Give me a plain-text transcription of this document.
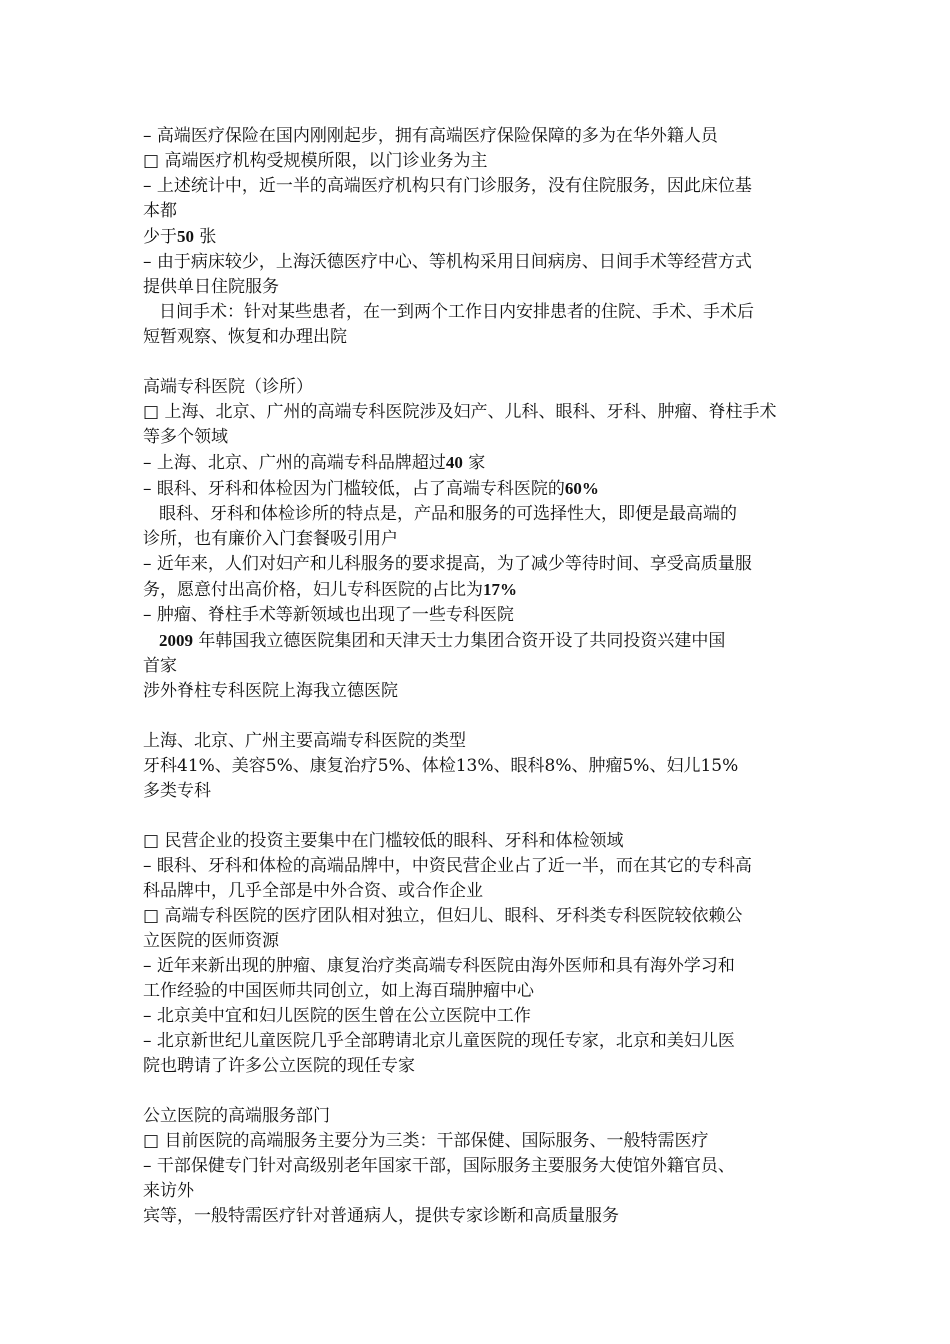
– 高端医疗保险在国内刚刚起步，拥有高端医疗保险保障的多为在华外籍人员
□ 高端医疗机构受规模所限，以门诊业务为主
– 上述统计中，近一半的高端医疗机构只有门诊服务，没有住院服务，因此床位基
本都
少于50 张
– 由于病床较少，上海沃德医疗中心、等机构采用日间病房、日间手术等经营方式
提供单日住院服务
日间手术：针对某些患者，在一到两个工作日内安排患者的住院、手术、手术后
短暂观察、恢复和办理出院
高端专科医院（诊所）
□ 上海、北京、广州的高端专科医院涉及妇产、儿科、眼科、牙科、肿瘤、脊柱手术
等多个领域
– 上海、北京、广州的高端专科品牌超过40 家
– 眼科、牙科和体检因为门槛较低，占了高端专科医院的60%
眼科、牙科和体检诊所的特点是，产品和服务的可选择性大，即便是最高端的
诊所，也有廉价入门套餐吸引用户
– 近年来，人们对妇产和儿科服务的要求提高，为了减少等待时间、享受高质量服
务，愿意付出高价格，妇儿专科医院的占比为17%
– 肿瘤、脊柱手术等新领域也出现了一些专科医院
2009 年韩国我立德医院集团和天津天士力集团合资开设了共同投资兴建中国
首家
涉外脊柱专科医院上海我立德医院
上海、北京、广州主要高端专科医院的类型
牙科41%、美容5%、康复治疗5%、体检13%、眼科8%、肿瘤5%、妇儿15%
多类专科
□ 民营企业的投资主要集中在门槛较低的眼科、牙科和体检领域
– 眼科、牙科和体检的高端品牌中，中资民营企业占了近一半，而在其它的专科高
科品牌中，几乎全部是中外合资、或合作企业
□ 高端专科医院的医疗团队相对独立，但妇儿、眼科、牙科类专科医院较依赖公
立医院的医师资源
– 近年来新出现的肿瘤、康复治疗类高端专科医院由海外医师和具有海外学习和
工作经验的中国医师共同创立，如上海百瑞肿瘤中心
– 北京美中宜和妇儿医院的医生曾在公立医院中工作
– 北京新世纪儿童医院几乎全部聘请北京儿童医院的现任专家，北京和美妇儿医
院也聘请了许多公立医院的现任专家
公立医院的高端服务部门
□ 目前医院的高端服务主要分为三类：干部保健、国际服务、一般特需医疗
– 干部保健专门针对高级别老年国家干部，国际服务主要服务大使馆外籍官员、
来访外
宾等，一般特需医疗针对普通病人，提供专家诊断和高质量服务
